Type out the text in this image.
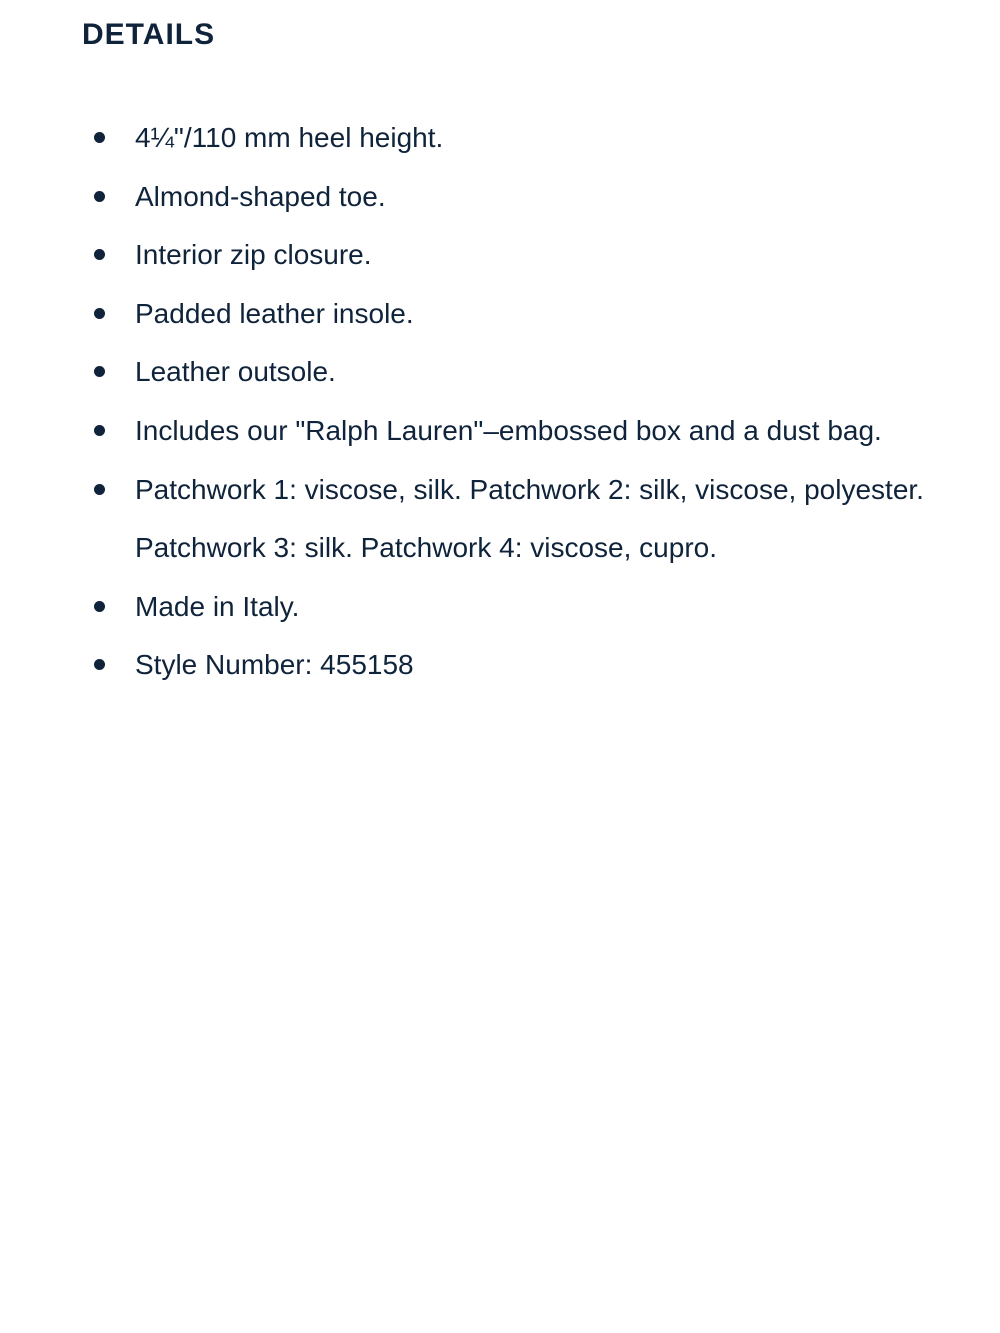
DETAILS
4¼"/110 mm heel height.
Almond-shaped toe.
Interior zip closure.
Padded leather insole.
Leather outsole.
Includes our "Ralph Lauren"–embossed box and a dust bag.
Patchwork 1: viscose, silk. Patchwork 2: silk, viscose, polyester. Patchwork 3: silk. Patchwork 4: viscose, cupro.
Made in Italy.
Style Number: 455158
